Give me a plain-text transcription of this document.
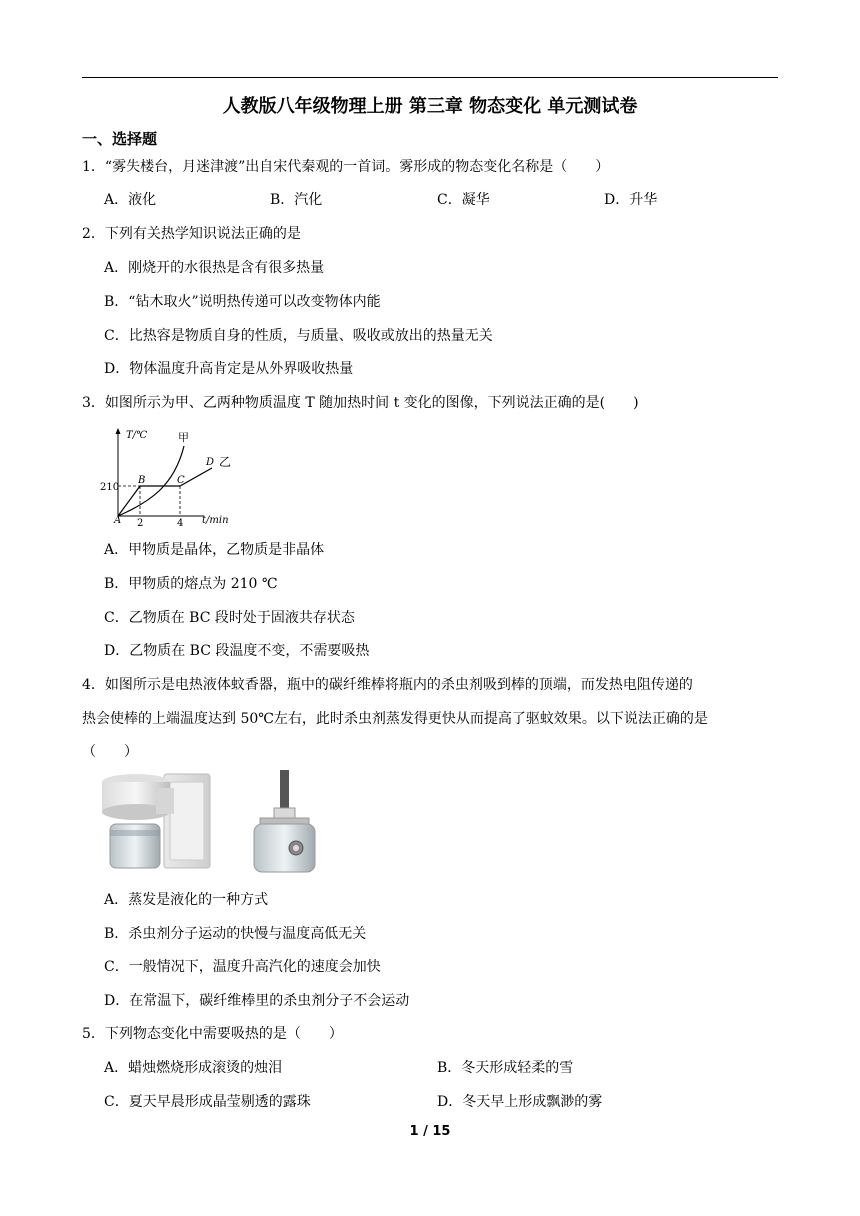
人教版八年级物理上册 第三章 物态变化 单元测试卷
一、选择题
1．“雾失楼台，月迷津渡”出自宋代秦观的一首词。雾形成的物态变化名称是（　　）
A．液化	B．汽化	C．凝华	D．升华
2．下列有关热学知识说法正确的是
A．刚烧开的水很热是含有很多热量
B．“钻木取火”说明热传递可以改变物体内能
C．比热容是物质自身的性质，与质量、吸收或放出的热量无关
D．物体温度升高肯定是从外界吸收热量
3．如图所示为甲、乙两种物质温度 T 随加热时间 t 变化的图像，下列说法正确的是(　　)
T/℃
t/min
210
2	4
A
B	C
D
甲
乙
A．甲物质是晶体，乙物质是非晶体
B．甲物质的熔点为 210 ℃
C．乙物质在 BC 段时处于固液共存状态
D．乙物质在 BC 段温度不变，不需要吸热
4．如图所示是电热液体蚊香器，瓶中的碳纤维棒将瓶内的杀虫剂吸到棒的顶端，而发热电阻传递的
热会使棒的上端温度达到 50℃左右，此时杀虫剂蒸发得更快从而提高了驱蚊效果。以下说法正确的是
（　　）
A．蒸发是液化的一种方式
B．杀虫剂分子运动的快慢与温度高低无关
C．一般情况下，温度升高汽化的速度会加快
D．在常温下，碳纤维棒里的杀虫剂分子不会运动
5．下列物态变化中需要吸热的是（　　）
A．蜡烛燃烧形成滚烫的烛泪	B．冬天形成轻柔的雪
C．夏天早晨形成晶莹剔透的露珠	D．冬天早上形成飘渺的雾
1 / 15
